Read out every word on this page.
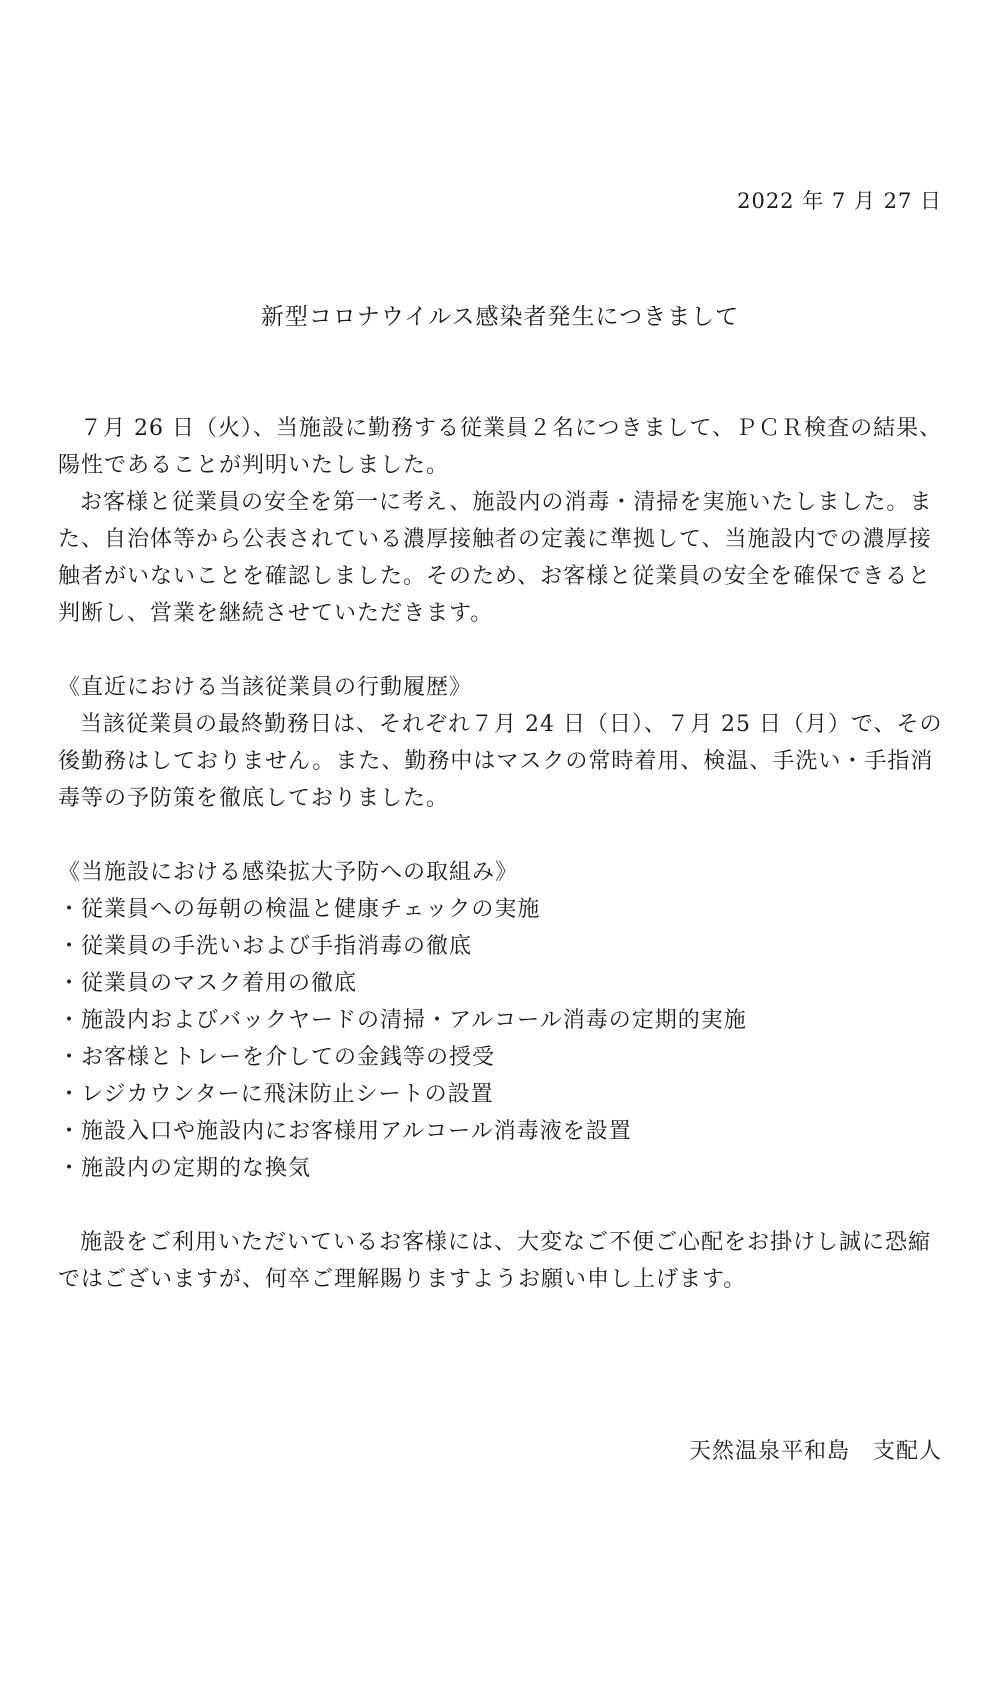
2022 年 7 月 27 日
新型コロナウイルス感染者発生につきまして

７月 26 日（火）、当施設に勤務する従業員２名につきまして、ＰＣＲ検査の結果、陽性であることが判明いたしました。

お客様と従業員の安全を第一に考え、施設内の消毒・清掃を実施いたしました。また、自治体等から公表されている濃厚接触者の定義に準拠して、当施設内での濃厚接触者がいないことを確認しました。そのため、お客様と従業員の安全を確保できると判断し、営業を継続させていただきます。

《直近における当該従業員の行動履歴》

当該従業員の最終勤務日は、それぞれ７月 24 日（日）、７月 25 日（月）で、その後勤務はしておりません。また、勤務中はマスクの常時着用、検温、手洗い・手指消毒等の予防策を徹底しておりました。

《当施設における感染拡大予防への取組み》

・ 従業員への毎朝の検温と健康チェックの実施
・ 従業員の手洗いおよび手指消毒の徹底
・ 従業員のマスク着用の徹底
・ 施設内およびバックヤードの清掃・アルコール消毒の定期的実施
・ お客様とトレーを介しての金銭等の授受
・ レジカウンターに飛沫防止シートの設置
・ 施設入口や施設内にお客様用アルコール消毒液を設置
・ 施設内の定期的な換気

施設をご利用いただいているお客様には、大変なご不便ご心配をお掛けし誠に恐縮ではございますが、何卒ご理解賜りますようお願い申し上げます。

天然温泉平和島　支配人
